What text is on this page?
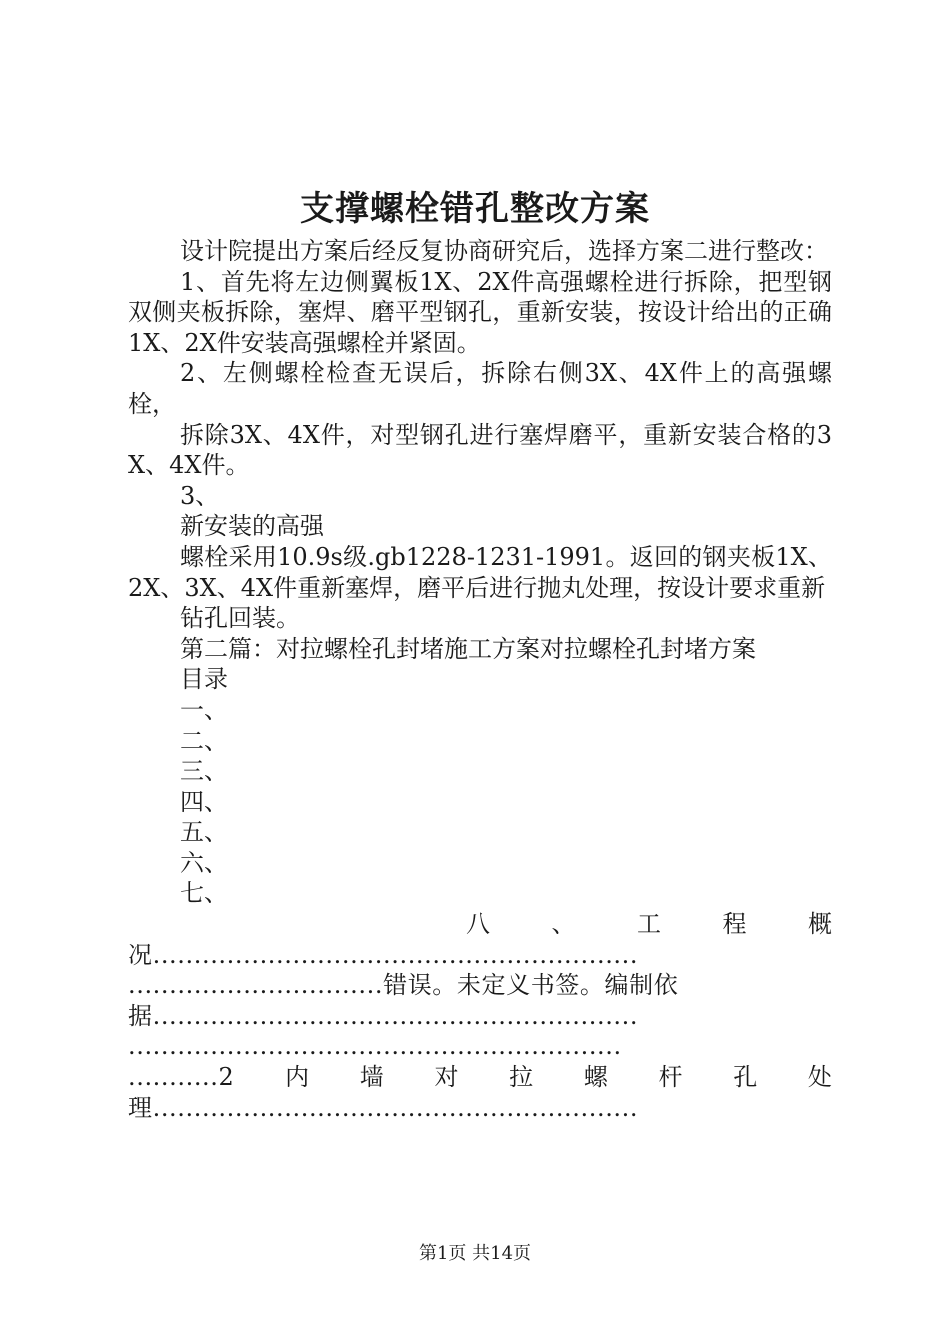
支撑螺栓错孔整改方案

设计院提出方案后经反复协商研究后，选择方案二进行整改：

1、首先将左边侧翼板1X、2X件高强螺栓进行拆除，把型钢双侧夹板拆除，塞焊、磨平型钢孔，重新安装，按设计给出的正确1X、2X件安装高强螺栓并紧固。

2、左侧螺栓检查无误后，拆除右侧3X、4X件上的高强螺栓，

拆除3X、4X件，对型钢孔进行塞焊磨平，重新安装合格的3X、4X件。

3、

新安装的高强

螺栓采用10.9s级.gb1228-1231-1991。返回的钢夹板1X、2X、3X、4X件重新塞焊，磨平后进行抛丸处理，按设计要求重新

钻孔回装。

第二篇：对拉螺栓孔封堵施工方案对拉螺栓孔封堵方案

目录
一、
二、
三、
四、
五、
六、
七、
八	、	工	程	概
况...........................................................
...............................错误。未定义书签。编制依
据...........................................................
............................................................
...........2 内 墙 对 拉 螺 杆 孔 处
理...........................................................
第1页 共14页
